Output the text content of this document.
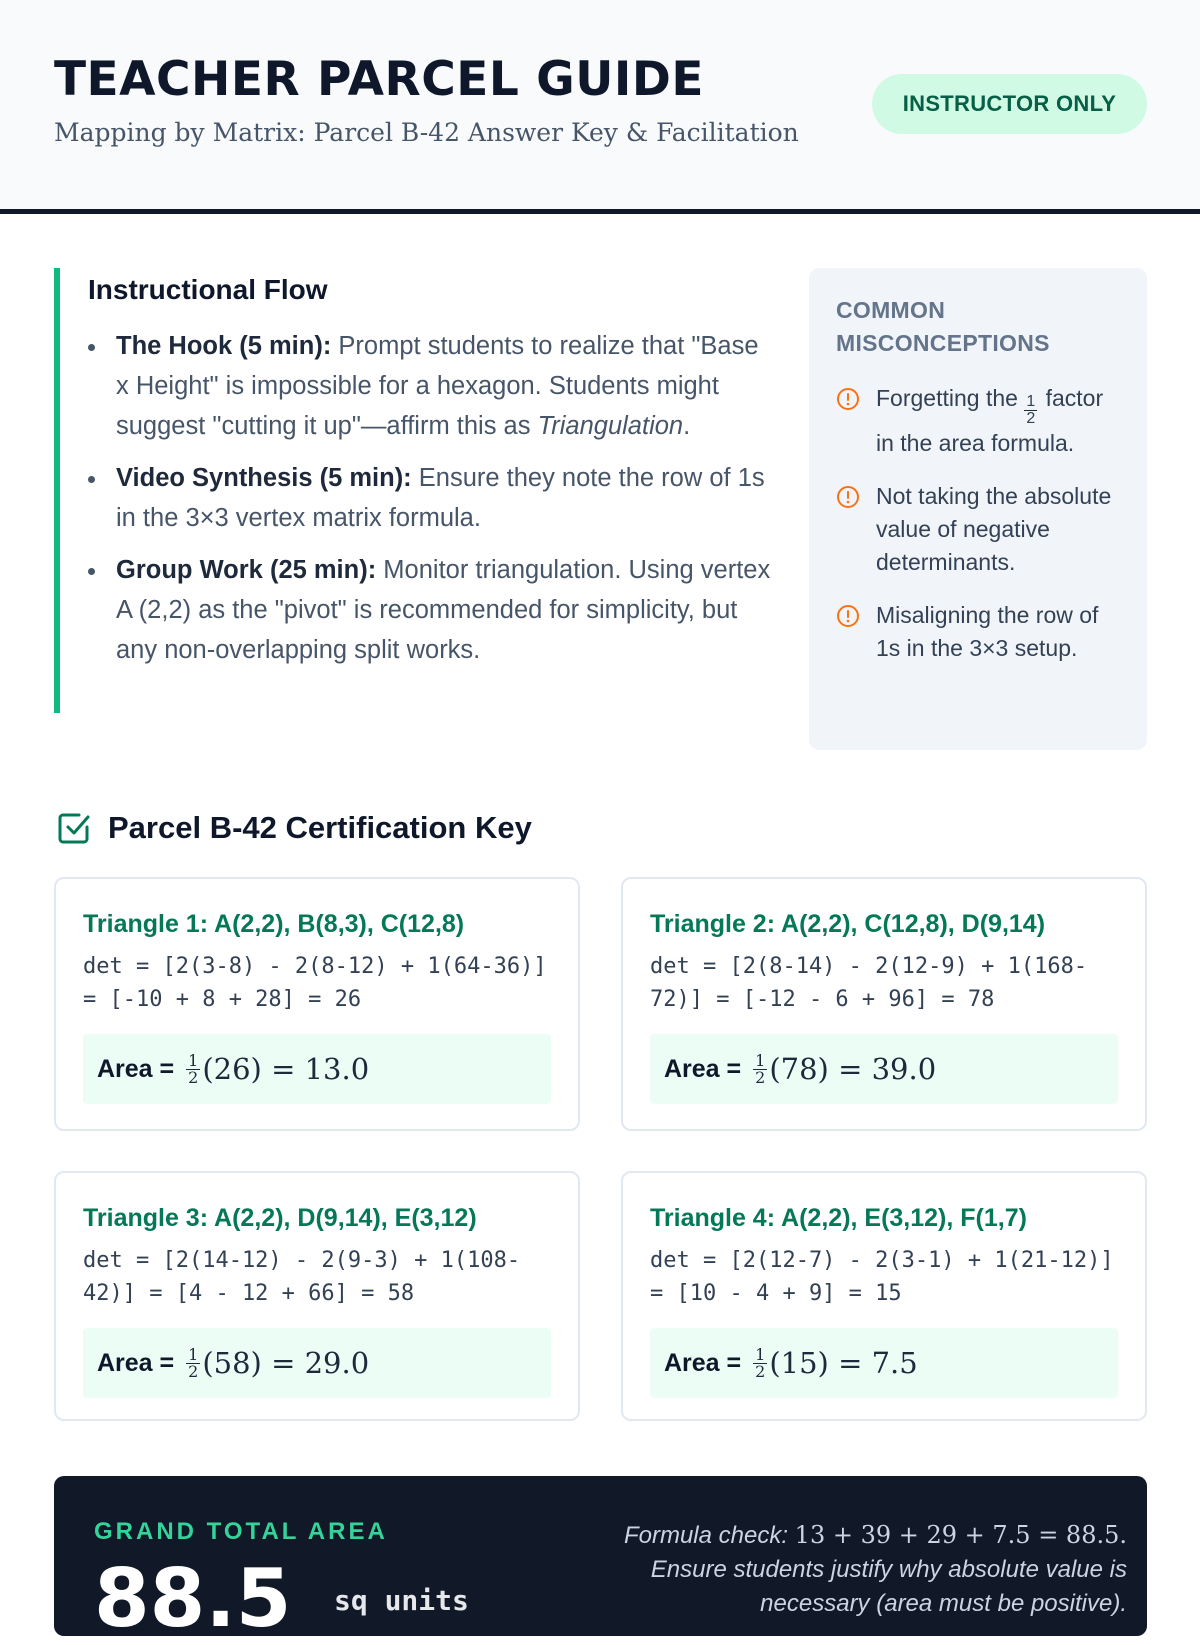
TEACHER PARCEL GUIDE
Mapping by Matrix: Parcel B-42 Answer Key & Facilitation
INSTRUCTOR ONLY
Instructional Flow
The Hook (5 min): Prompt students to realize that "Base x Height" is impossible for a hexagon. Students might suggest "cutting it up"—affirm this as Triangulation.
Video Synthesis (5 min): Ensure they note the row of 1s in the 3×3 vertex matrix formula.
Group Work (25 min): Monitor triangulation. Using vertex A (2,2) as the "pivot" is recommended for simplicity, but any non-overlapping split works.
COMMON MISCONCEPTIONS
Forgetting the $\frac{1}{2}$ factor in the area formula.
Not taking the absolute value of negative determinants.
Misaligning the row of 1s in the 3×3 setup.
Parcel B-42 Certification Key
Triangle 1: A(2,2), B(8,3), C(12,8)
det = [2(3-8) - 2(8-12) + 1(64-36)] = [-10 + 8 + 28] = 26
Area = $\frac{1}{2} (26)$
= 13.0
Triangle 2: A(2,2), C(12,8), D(9,14)
det = [2(8-14) - 2(12-9) + 1(168-72)] = [-12 - 6 + 96] = 78
Area = $\frac{1}{2} (78)$
= 39.0
Triangle 3: A(2,2), D(9,14), E(3,12)
det = [2(14-12) - 2(9-3) + 1(108-42)] = [4 - 12 + 66] = 58
Area = $\frac{1}{2} (58)$
= 29.0
Triangle 4: A(2,2), E(3,12), F(1,7)
det = [2(12-7) - 2(3-1) + 1(21-12)] = [10 - 4 + 9] = 15
Area = $\frac{1}{2} (15)$
= 7.5
GRAND TOTAL AREA
88.5 sq units
Formula check: 13 + 39 + 29 + 7.5 = 88.5. Ensure students justify why absolute value is necessary (area must be positive).
